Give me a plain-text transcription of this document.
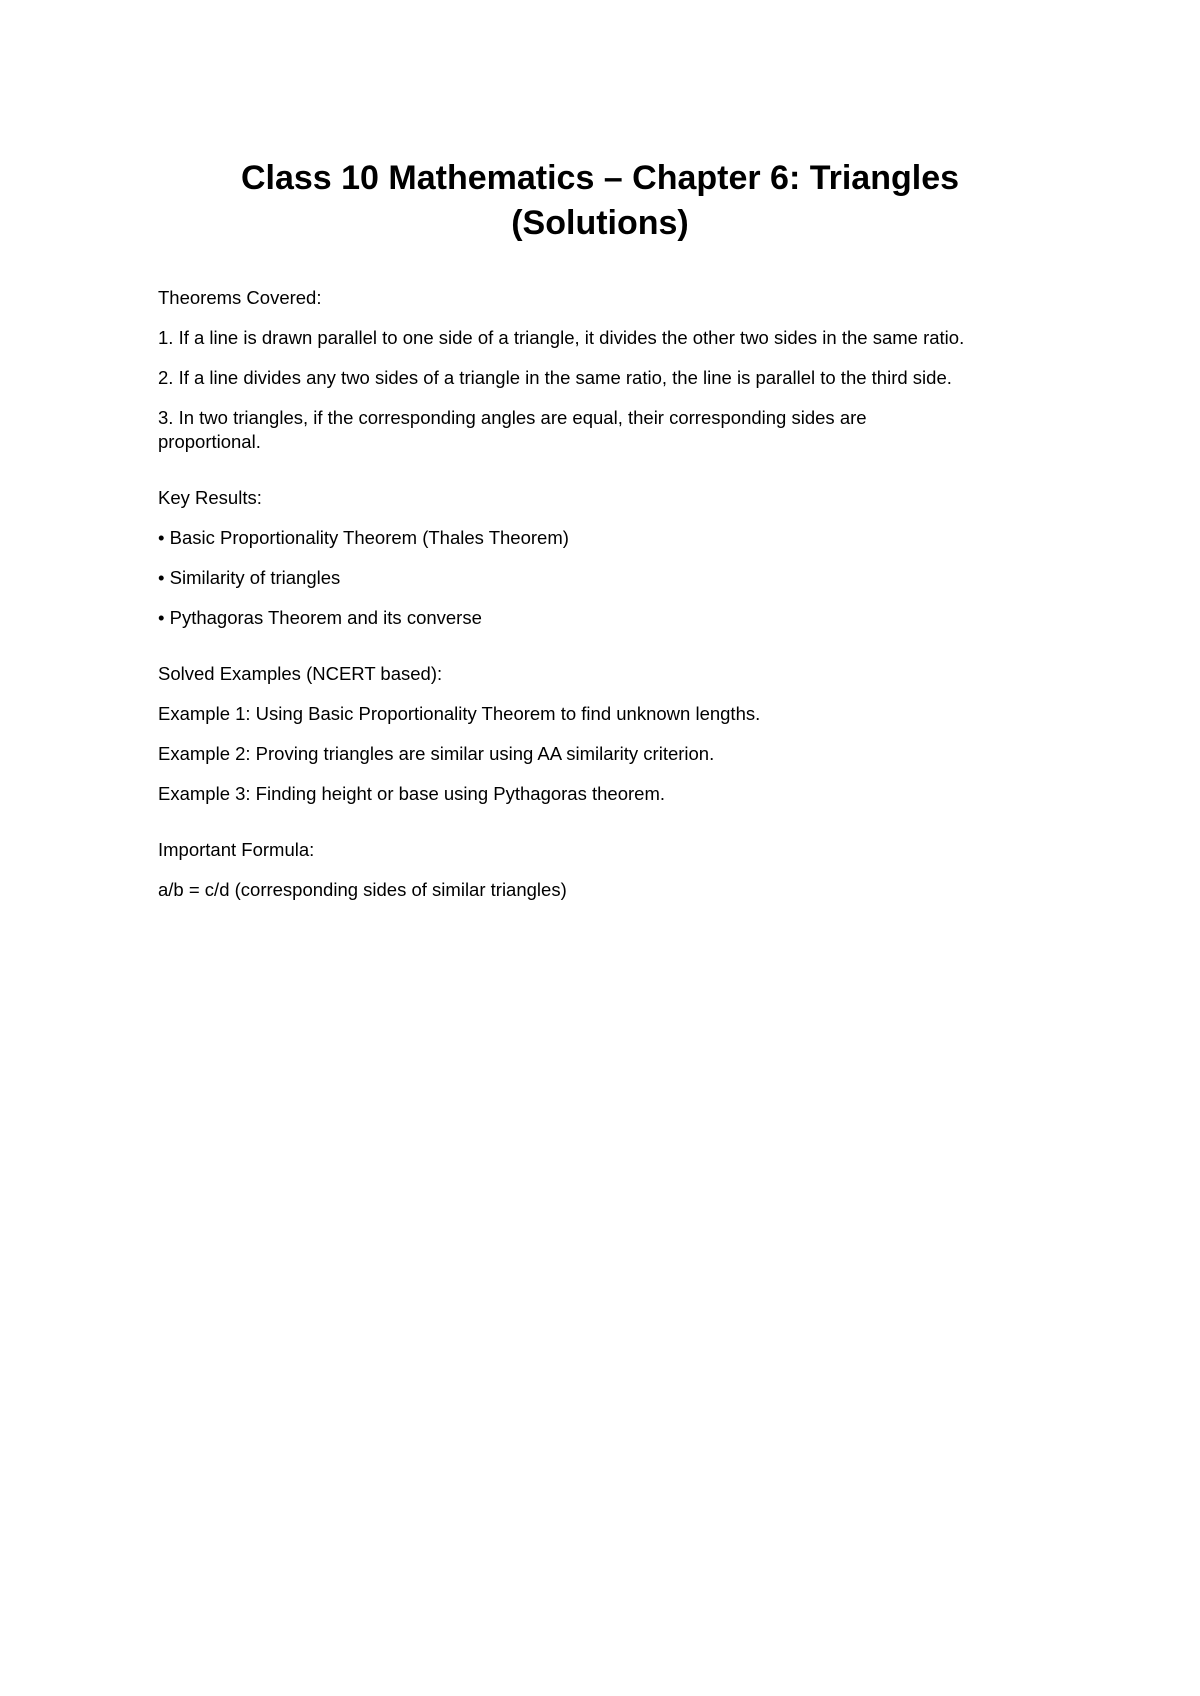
Class 10 Mathematics – Chapter 6: Triangles
(Solutions)

Theorems Covered:

1. If a line is drawn parallel to one side of a triangle, it divides the other two sides in the same ratio.

2. If a line divides any two sides of a triangle in the same ratio, the line is parallel to the third side.

3. In two triangles, if the corresponding angles are equal, their corresponding sides are proportional.

Key Results:

• Basic Proportionality Theorem (Thales Theorem)

• Similarity of triangles

• Pythagoras Theorem and its converse

Solved Examples (NCERT based):

Example 1: Using Basic Proportionality Theorem to find unknown lengths.

Example 2: Proving triangles are similar using AA similarity criterion.

Example 3: Finding height or base using Pythagoras theorem.

Important Formula:

a/b = c/d (corresponding sides of similar triangles)
